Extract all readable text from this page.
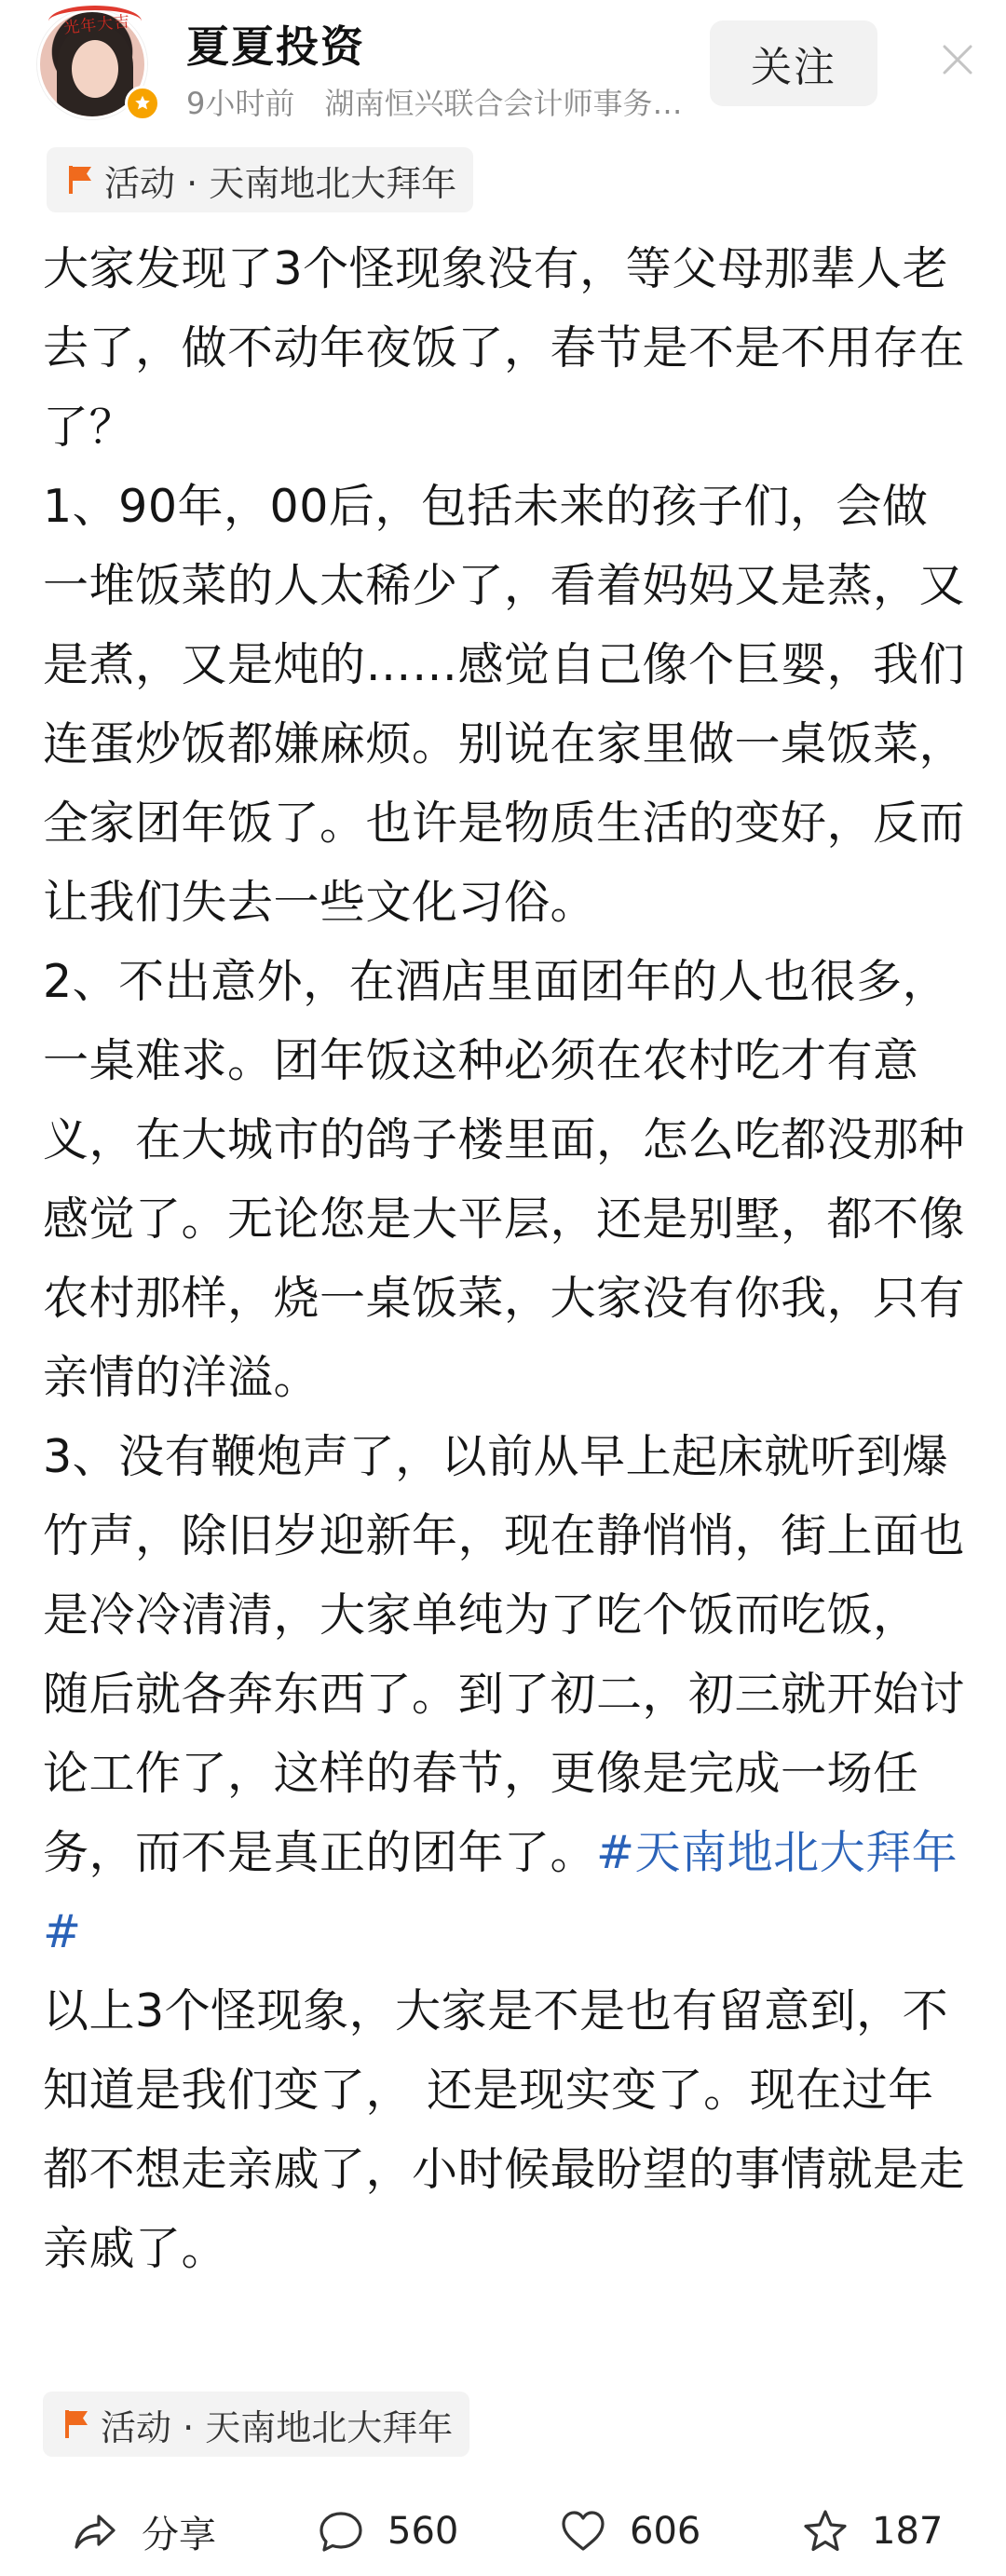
光年大吉 夏夏投资
9小时前 湖南恒兴联合会计师事务…
关注
活动 · 天南地北大拜年

大家发现了3个怪现象没有，等父母那辈人老去了，做不动年夜饭了，春节是不是不用存在了？

1、90年，00后，包括未来的孩子们，会做一堆饭菜的人太稀少了，看着妈妈又是蒸，又是煮，又是炖的……感觉自己像个巨婴，我们连蛋炒饭都嫌麻烦。别说在家里做一桌饭菜，全家团年饭了。也许是物质生活的变好，反而让我们失去一些文化习俗。

2、不出意外，在酒店里面团年的人也很多，一桌难求。团年饭这种必须在农村吃才有意义，在大城市的鸽子楼里面，怎么吃都没那种感觉了。无论您是大平层，还是别墅，都不像农村那样，烧一桌饭菜，大家没有你我，只有亲情的洋溢。

3、没有鞭炮声了，以前从早上起床就听到爆竹声，除旧岁迎新年，现在静悄悄，街上面也是冷冷清清，大家单纯为了吃个饭而吃饭， 随后就各奔东西了。到了初二，初三就开始讨论工作了，这样的春节，更像是完成一场任务，而不是真正的团年了。#天南地北大拜年#

以上3个怪现象，大家是不是也有留意到，不知道是我们变了， 还是现实变了。现在过年都不想走亲戚了，小时候最盼望的事情就是走亲戚了。

活动 · 天南地北大拜年
分享	560	606	187
